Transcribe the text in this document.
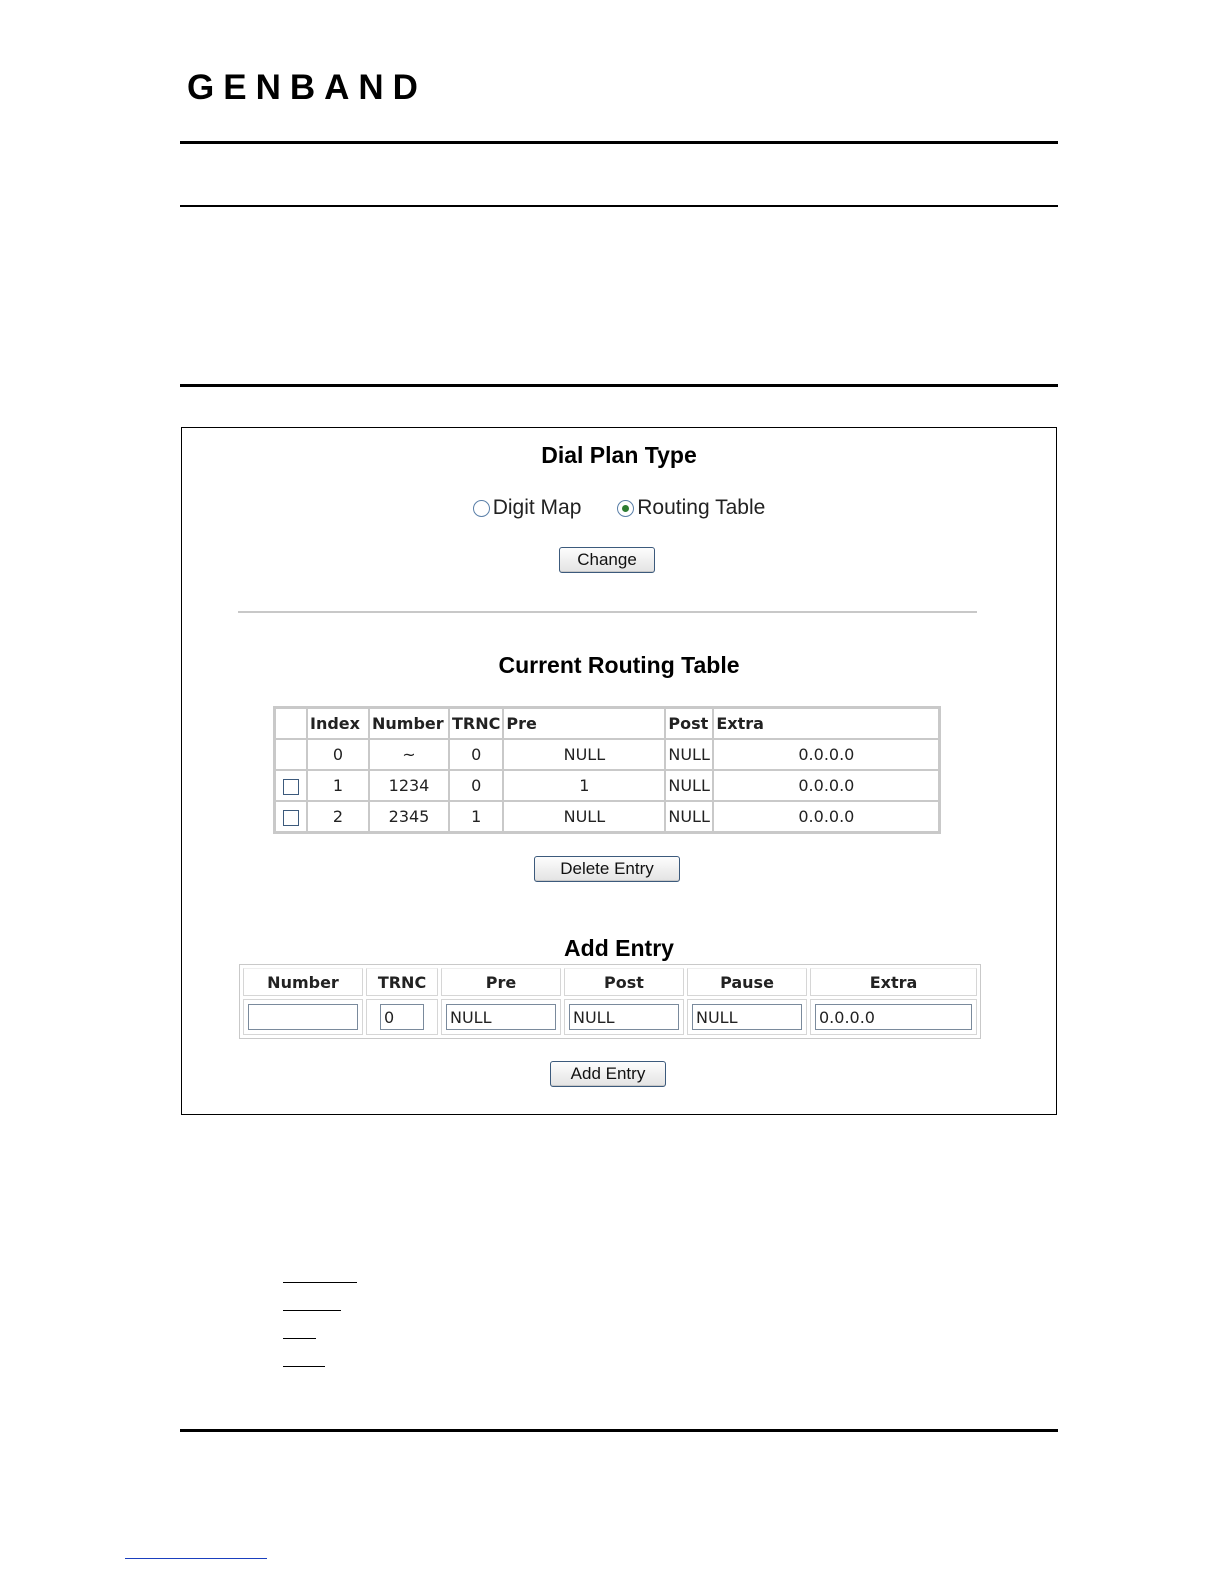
GENBAND
Dial Plan Type
Digit Map
	Routing Table
Change
Current Routing Table
	Index	Number	TRNC	Pre	Post	Extra
	0	~	0	NULL	NULL	0.0.0.0
	1	1234	0	1	NULL	0.0.0.0
	2	2345	1	NULL	NULL	0.0.0.0
Delete Entry
Add Entry
Number	TRNC	Pre	Post	Pause	Extra
	0	NULL	NULL	NULL	0.0.0.0
Add Entry
